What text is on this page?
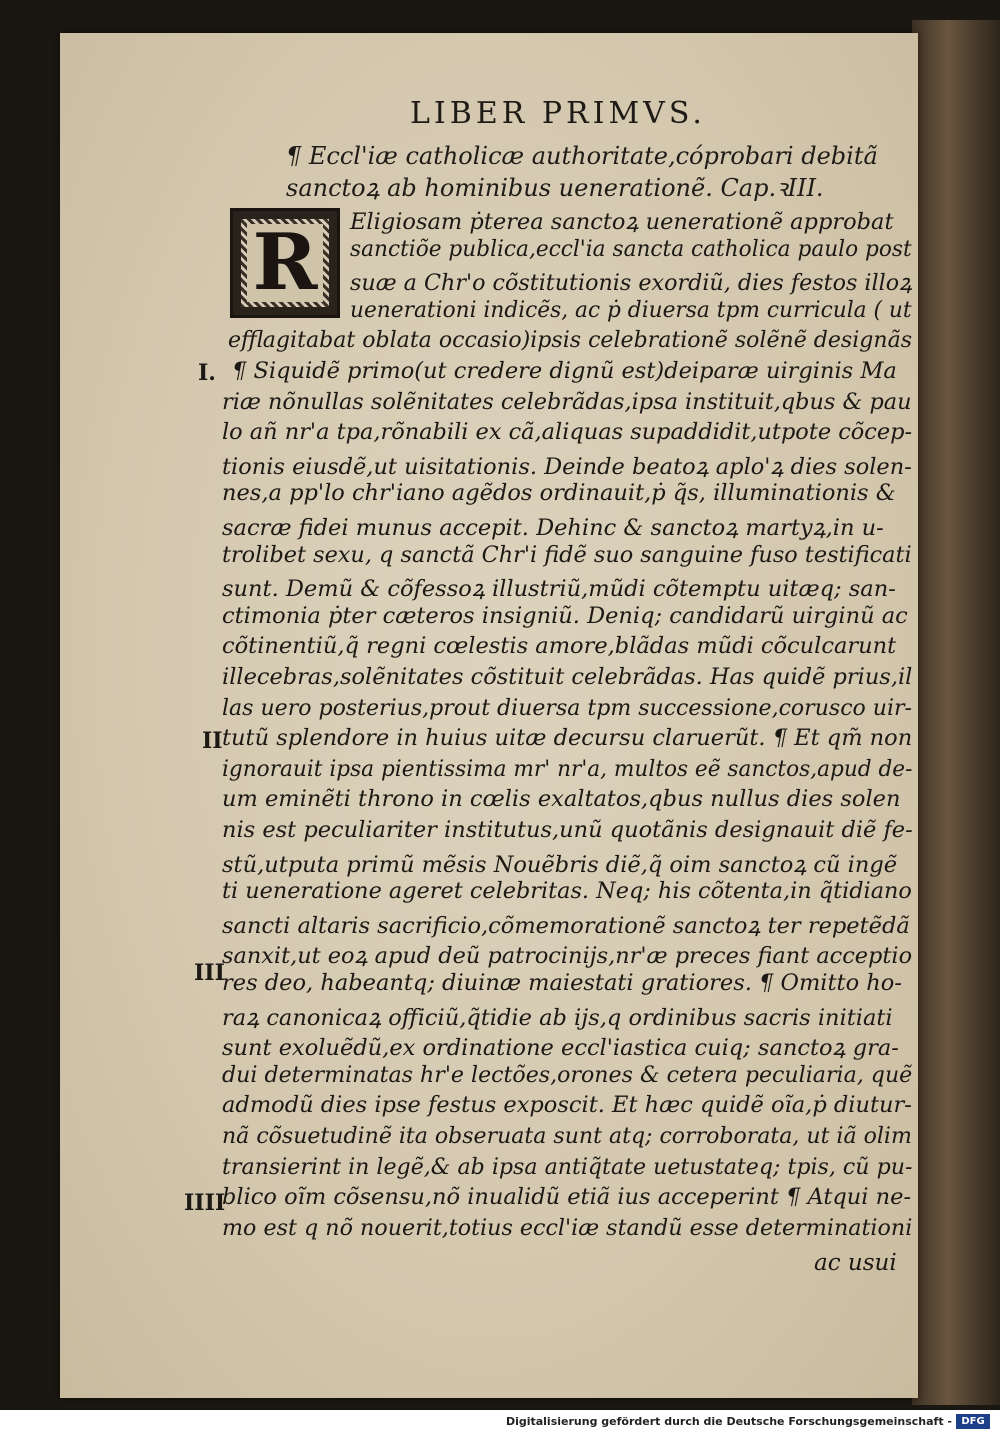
LIBER PRIMVS.
¶ Eccl'iæ catholicæ authoritate,cóprobari debitã
sanctoꝝ ab hominibus uenerationẽ. Cap.ꝛIII.
R Eligiosam ṗterea sanctoꝝ uenerationẽ approbat
sanctiõe publica,eccl'ia sancta catholica paulo post
suæ a Chr'o cõstitutionis exordiũ, dies festos illoꝝ
uenerationi indicẽs, ac ṗ diuersa tpm curricula ( ut
efflagitabat oblata occasio)ipsis celebrationẽ solẽnẽ designãs
¶ Siquidẽ primo(ut credere dignũ est)deiparæ uirginis Ma
riæ nõnullas solẽnitates celebrãdas,ipsa instituit,qbus & pau
lo añ nr'a tpa,rõnabili ex cã,aliquas supaddidit,utpote cõcep-
tionis eiusdẽ,ut uisitationis. Deinde beatoꝝ aplo'ꝝ dies solen-
nes,a pp'lo chr'iano agẽdos ordinauit,ṗ q̃s, illuminationis &
sacræ fidei munus accepit. Dehinc & sanctoꝝ martyꝝ,in u-
trolibet sexu, q sanctã Chr'i fidẽ suo sanguine fuso testificati
sunt. Demũ & cõfessoꝝ illustriũ,mũdi cõtemptu uitæq; san-
ctimonia ṗter cæteros insigniũ. Deniq; candidarũ uirginũ ac
cõtinentiũ,q̃ regni cœlestis amore,blãdas mũdi cõculcarunt
illecebras,solẽnitates cõstituit celebrãdas. Has quidẽ prius,il
las uero posterius,prout diuersa tpm successione,corusco uir-
tutũ splendore in huius uitæ decursu claruerũt. ¶ Et qm̃ non
ignorauit ipsa pientissima mr' nr'a, multos eẽ sanctos,apud de-
um eminẽti throno in cœlis exaltatos,qbus nullus dies solen
nis est peculiariter institutus,unũ quotãnis designauit diẽ fe-
stũ,utputa primũ mẽsis Nouẽbris diẽ,q̃ oim sanctoꝝ cũ ingẽ
ti ueneratione ageret celebritas. Neq; his cõtenta,in q̃tidiano
sancti altaris sacrificio,cõmemorationẽ sanctoꝝ ter repetẽdã
sanxit,ut eoꝝ apud deũ patrocinijs,nr'æ preces fiant acceptio
res deo, habeantq; diuinæ maiestati gratiores. ¶ Omitto ho-
raꝝ canonicaꝝ officiũ,q̃tidie ab ijs,q ordinibus sacris initiati
sunt exoluẽdũ,ex ordinatione eccl'iastica cuiq; sanctoꝝ gra-
dui determinatas hr'e lectões,orones & cetera peculiaria, quẽ
admodũ dies ipse festus exposcit. Et hæc quidẽ oĩa,ṗ diutur-
nã cõsuetudinẽ ita obseruata sunt atq; corroborata, ut iã olim
transierint in legẽ,& ab ipsa antiq̃tate uetustateq; tpis, cũ pu-
blico oĩm cõsensu,nõ inualidũ etiã ius acceperint ¶ Atqui ne-
mo est q nõ nouerit,totius eccl'iæ standũ esse determinationi
I.
II
III
IIII
ac usui
Digitalisierung gefördert durch die Deutsche Forschungsgemeinschaft - DFG
